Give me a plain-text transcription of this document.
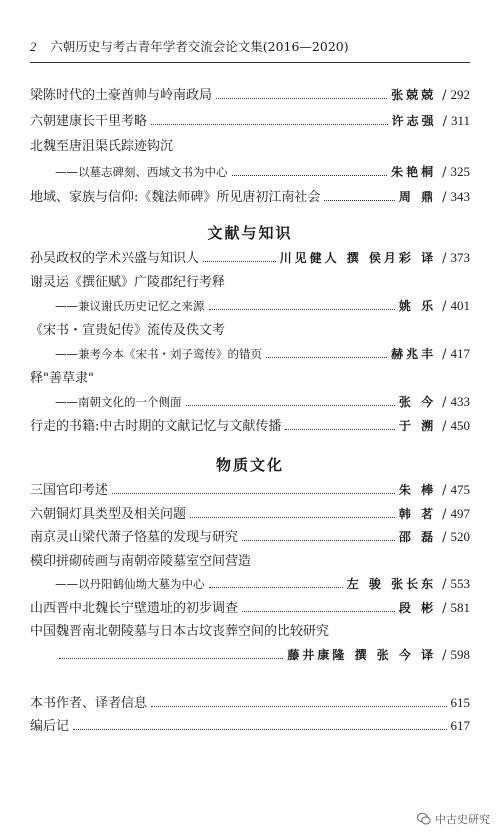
2 六朝历史与考古青年学者交流会论文集(2016—2020)
梁陈时代的土豪酋帅与岭南政局	张兢兢 / 292
六朝建康长干里考略	许志强 / 311
北魏至唐沮渠氏踪迹钩沉
——以墓志碑刻、西域文书为中心	朱艳桐 / 325
地域、家族与信仰:《魏法师碑》所见唐初江南社会	周 鼎 / 343
文献与知识
孙吴政权的学术兴盛与知识人	川见健人 撰 侯月彩 译 / 373
谢灵运《撰征赋》广陵郡纪行考释
——兼议谢氏历史记忆之来源	姚 乐 / 401
《宋书・宣贵妃传》流传及佚文考
——兼考今本《宋书・刘子鸾传》的错页	赫兆丰 / 417
释"善草隶"
——南朝文化的一个侧面	张 今 / 433
行走的书籍:中古时期的文献记忆与文献传播	于 溯 / 450
物质文化
三国官印考述	朱 棒 / 475
六朝铜灯具类型及相关问题	韩 茗 / 497
南京灵山梁代萧子恪墓的发现与研究	邵 磊 / 520
模印拼砌砖画与南朝帝陵墓室空间营造
——以丹阳鹤仙坳大墓为中心	左 骏 张长东 / 553
山西晋中北魏长宁壁遗址的初步调查	段 彬 / 581
中国魏晋南北朝陵墓与日本古坟丧葬空间的比较研究
藤井康隆 撰 张 今 译 / 598
本书作者、译者信息	615
编后记	617
中古史研究
